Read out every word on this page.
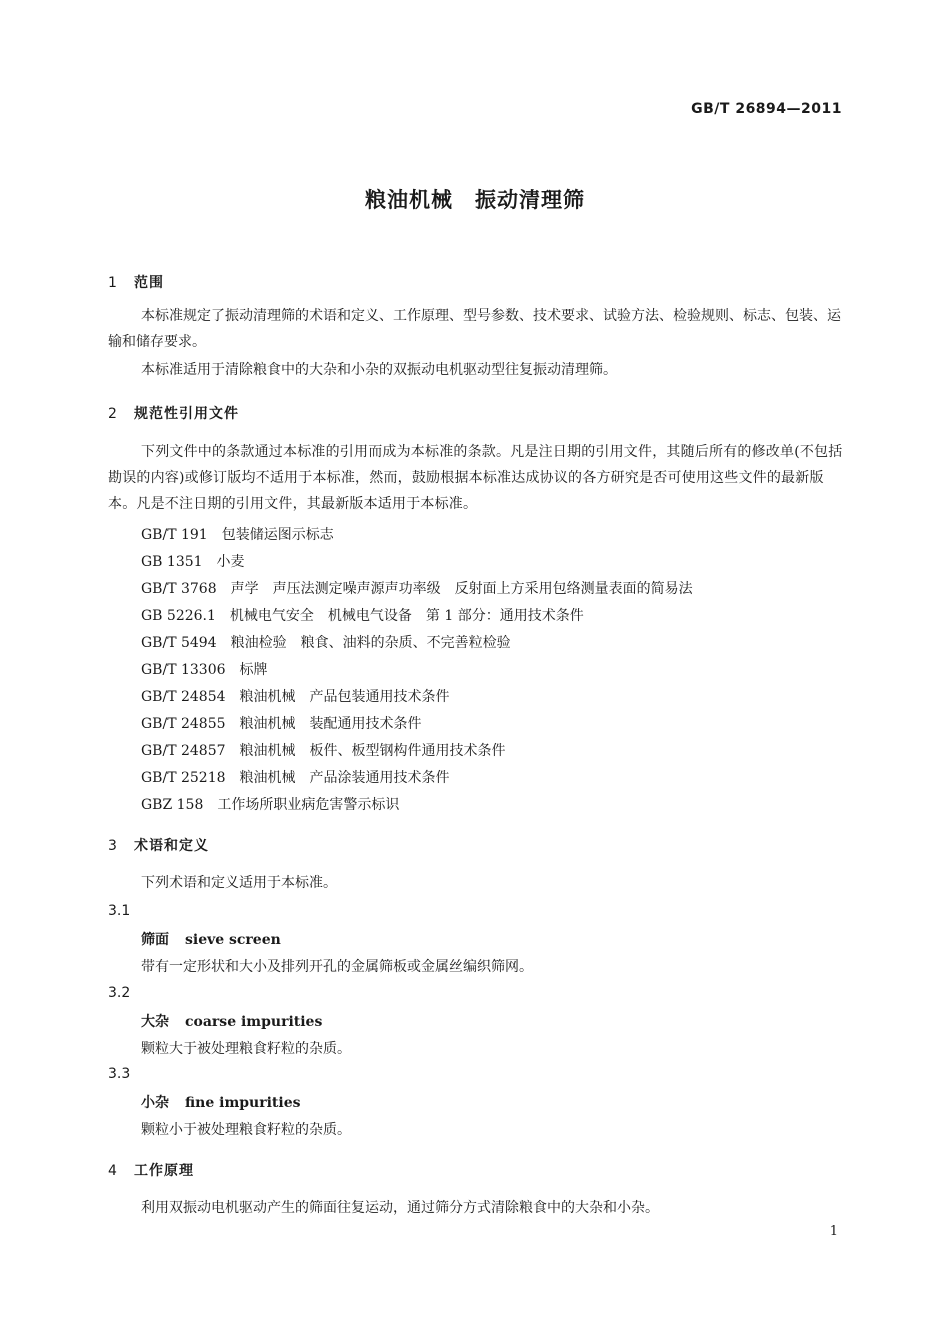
GB/T 26894—2011
粮油机械　振动清理筛
1 范围
本标准规定了振动清理筛的术语和定义、工作原理、型号参数、技术要求、试验方法、检验规则、标志、包装、运输和储存要求。
本标准适用于清除粮食中的大杂和小杂的双振动电机驱动型往复振动清理筛。
2 规范性引用文件
下列文件中的条款通过本标准的引用而成为本标准的条款。凡是注日期的引用文件，其随后所有的修改单(不包括勘误的内容)或修订版均不适用于本标准，然而，鼓励根据本标准达成协议的各方研究是否可使用这些文件的最新版本。凡是不注日期的引用文件，其最新版本适用于本标准。
GB/T 191　包装储运图示标志
GB 1351　小麦
GB/T 3768　声学　声压法测定噪声源声功率级　反射面上方采用包络测量表面的简易法
GB 5226.1　机械电气安全　机械电气设备　第 1 部分：通用技术条件
GB/T 5494　粮油检验　粮食、油料的杂质、不完善粒检验
GB/T 13306　标牌
GB/T 24854　粮油机械　产品包装通用技术条件
GB/T 24855　粮油机械　装配通用技术条件
GB/T 24857　粮油机械　板件、板型钢构件通用技术条件
GB/T 25218　粮油机械　产品涂装通用技术条件
GBZ 158　工作场所职业病危害警示标识
3 术语和定义
下列术语和定义适用于本标准。
3.1
筛面 sieve screen
带有一定形状和大小及排列开孔的金属筛板或金属丝编织筛网。
3.2
大杂 coarse impurities
颗粒大于被处理粮食籽粒的杂质。
3.3
小杂 fine impurities
颗粒小于被处理粮食籽粒的杂质。
4 工作原理
利用双振动电机驱动产生的筛面往复运动，通过筛分方式清除粮食中的大杂和小杂。
1
